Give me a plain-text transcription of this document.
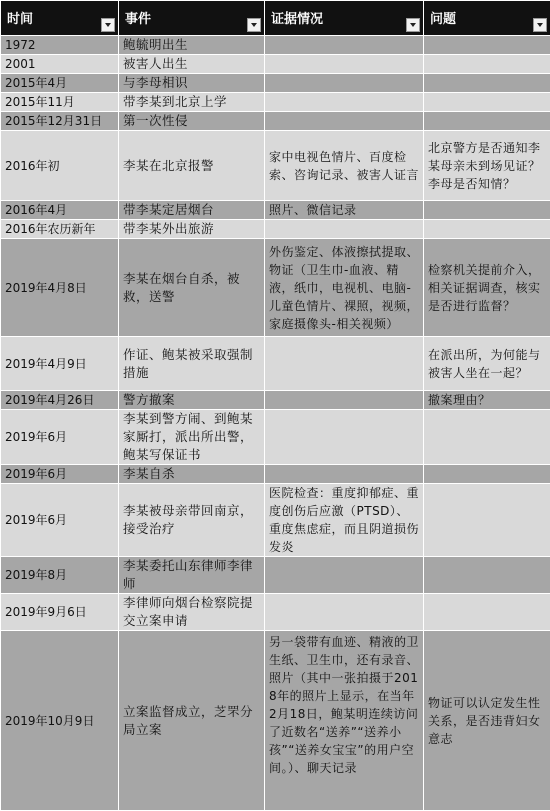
时间	事件	证据情况	问题

1972	鲍毓明出生		
2001	被害人出生		
2015年4月	与李母相识		
2015年11月	带李某到北京上学		
2015年12月31日	第一次性侵		
2016年初	李某在北京报警	家中电视色情片、百度检索、咨询记录、被害人证言	北京警方是否通知李某母亲未到场见证？李母是否知情？
2016年4月	带李某定居烟台	照片、微信记录	
2016年农历新年	带李某外出旅游		
2019年4月8日	李某在烟台自杀，被救，送警	外伤鉴定、体液擦拭提取、物证（卫生巾-血液、精液，纸巾，电视机、电脑-儿童色情片、裸照，视频，家庭摄像头-相关视频）	检察机关提前介入，相关证据调查，核实是否进行监督？
2019年4月9日	作证、鲍某被采取强制措施		在派出所，为何能与被害人坐在一起？
2019年4月26日	警方撤案		撤案理由？
2019年6月	李某到警方闹、到鲍某家厮打，派出所出警，鲍某写保证书		
2019年6月	李某自杀		
2019年6月	李某被母亲带回南京，接受治疗	医院检查：重度抑郁症、重度创伤后应激（PTSD）、重度焦虑症，而且阴道损伤发炎	
2019年8月	李某委托山东律师李律师		
2019年9月6日	李律师向烟台检察院提交立案申请		
2019年10月9日	立案监督成立，芝罘分局立案	另一袋带有血迹、精液的卫生纸、卫生巾，还有录音、照片（其中一张拍摄于2018年的照片上显示，在当年2月18日，鲍某明连续访问了近数名“送养”“送养小孩”“送养女宝宝”的用户空间。）、聊天记录	物证可以认定发生性关系，是否违背妇女意志
